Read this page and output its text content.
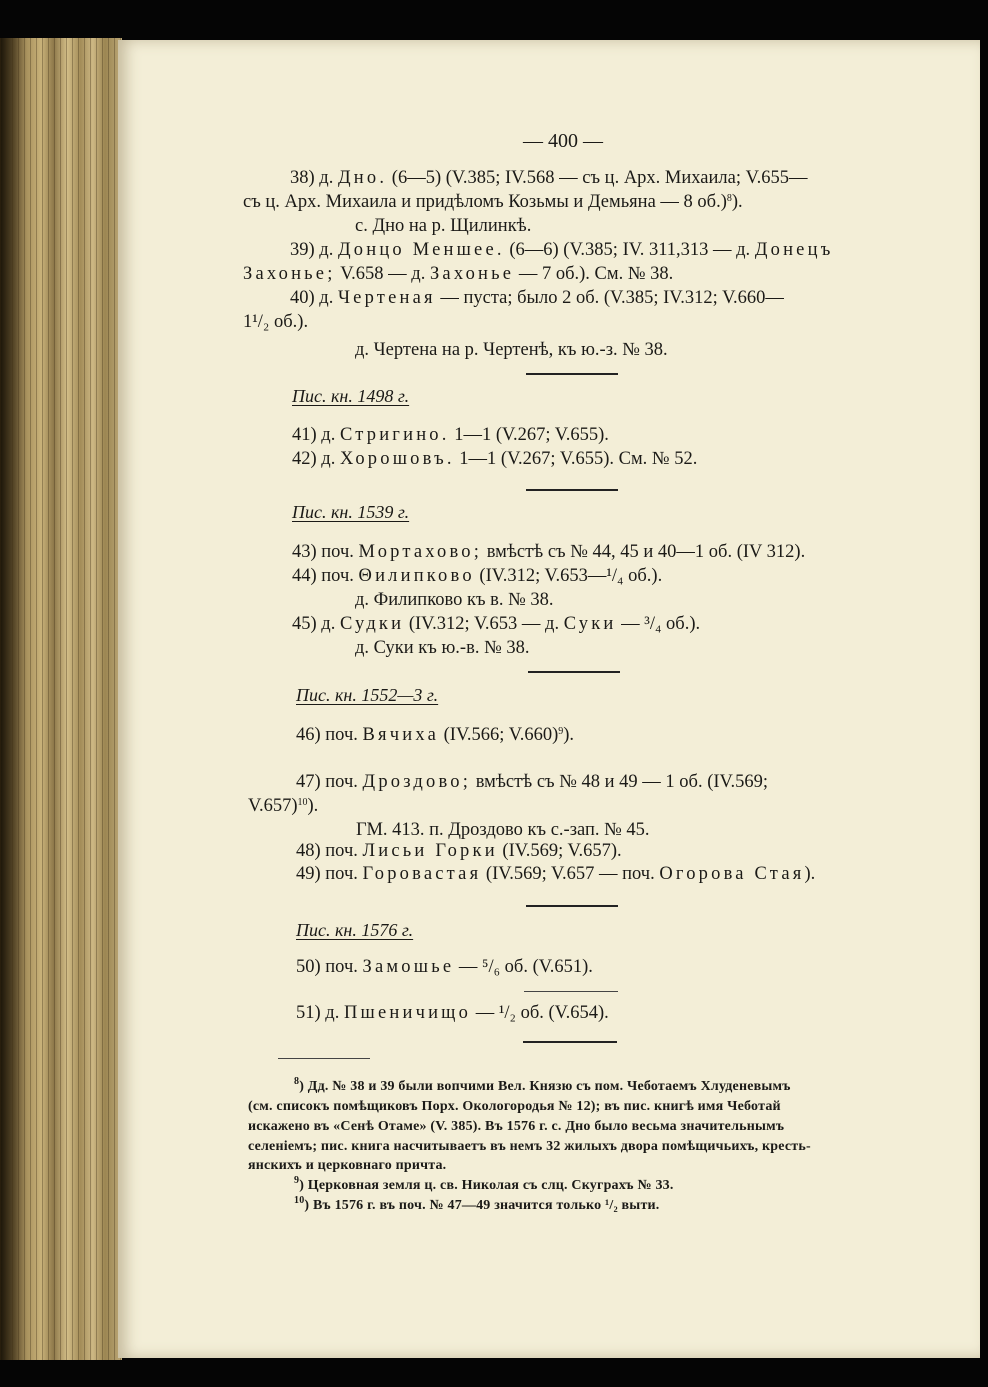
— 400 —
38) д. Дно. (6—5) (V.385; IV.568 — съ ц. Арх. Михаила; V.655—
съ ц. Арх. Михаила и придѣломъ Козьмы и Демьяна — 8 об.)$^8$).
с. Дно на р. Щилинкѣ.
39) д. Донцо Меншее. (6—6) (V.385; IV. 311,313 — д. Донецъ
Захонье; V.658 — д. Захонье — 7 об.). См. № 38.
40) д. Чертеная — пуста; было 2 об. (V.385; IV.312; V.660—
1¹/₂ об.).
д. Чертена на р. Чертенѣ, къ ю.-з. № 38.
Пис. кн. 1498 г.
41) д. Стригино. 1—1 (V.267; V.655).
42) д. Хорошовъ. 1—1 (V.267; V.655). См. № 52.
Пис. кн. 1539 г.
43) поч. Мортахово; вмѣстѣ съ № 44, 45 и 40—1 об. (IV 312).
44) поч. Θилипково (IV.312; V.653—¹/₄ об.).
д. Филипково къ в. № 38.
45) д. Судки (IV.312; V.653 — д. Суки — ³/₄ об.).
д. Суки къ ю.-в. № 38.
Пис. кн. 1552—3 г.
46) поч. Вячиха (IV.566; V.660)$^9$).
47) поч. Дроздово; вмѣстѣ съ № 48 и 49 — 1 об. (IV.569;
V.657)$^{10}$).
ГМ. 413. п. Дроздово къ с.-зап. № 45.
48) поч. Лисьи Горки (IV.569; V.657).
49) поч. Горовастая (IV.569; V.657 — поч. Огорова Стая).
Пис. кн. 1576 г.
50) поч. Замошье — ⁵/₆ об. (V.651).
51) д. Пшеничищо — ¹/₂ об. (V.654).
$^8$) Дд. № 38 и 39 были вопчими Вел. Князю съ пом. Чеботаемъ Хлуденевымъ
(см. списокъ помѣщиковъ Порх. Окологородья № 12); въ пис. книгѣ имя Чеботай
искажено въ «Сенѣ Отаме» (V. 385). Въ 1576 г. с. Дно было весьма значительнымъ
селеніемъ; пис. книга насчитываетъ въ немъ 32 жилыхъ двора помѣщичьихъ, кресть-
янскихъ и церковнаго причта.
$^9$) Церковная земля ц. св. Николая съ слц. Скуграхъ № 33.
$^{10}$) Въ 1576 г. въ поч. № 47—49 значится только ¹/₂ выти.
